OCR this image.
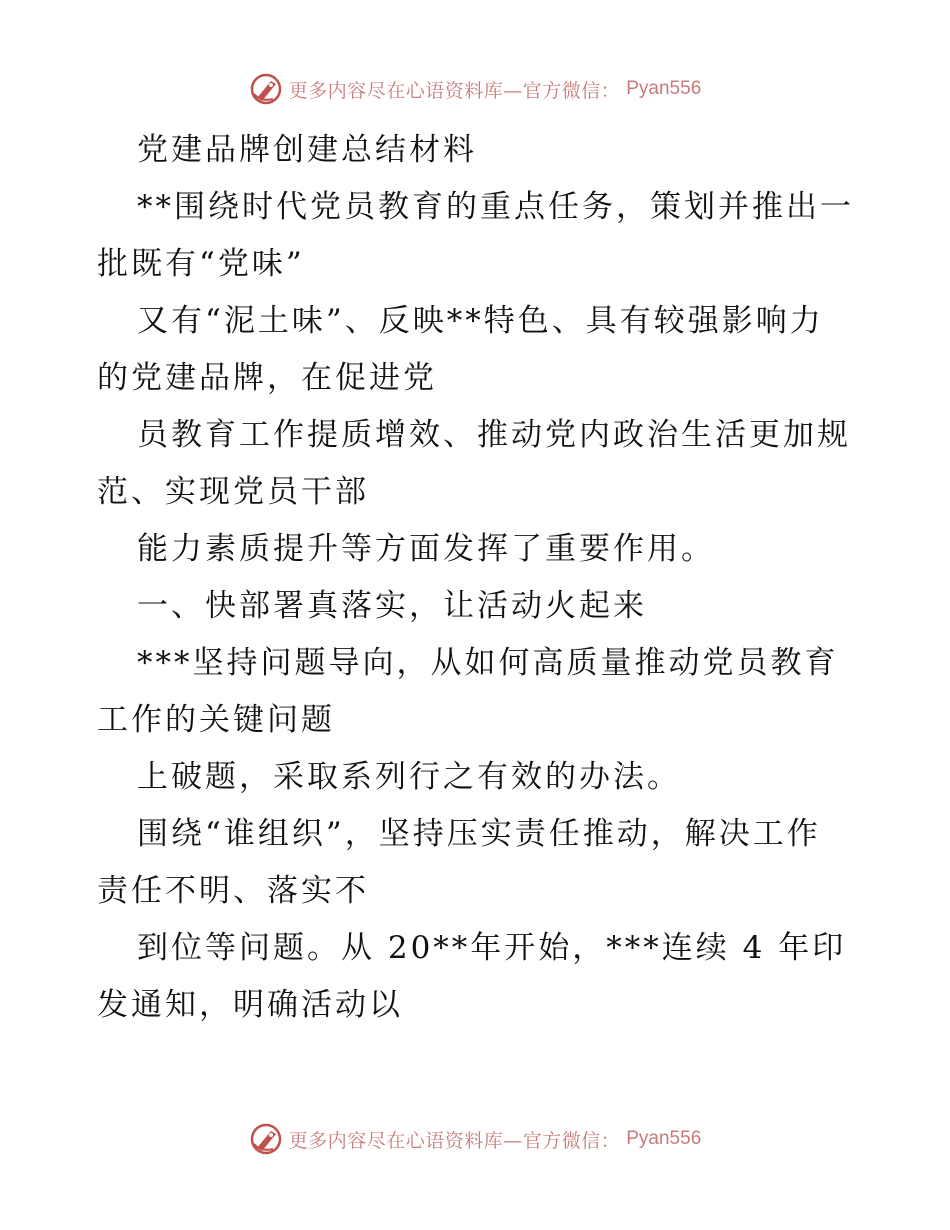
更多内容尽在心语资料库—官方微信： Pyan556
党建品牌创建总结材料
**围绕时代党员教育的重点任务，策划并推出一
批既有“党味”
又有“泥土味”、反映**特色、具有较强影响力
的党建品牌，在促进党
员教育工作提质增效、推动党内政治生活更加规
范、实现党员干部
能力素质提升等方面发挥了重要作用。
一、快部署真落实，让活动火起来
***坚持问题导向，从如何高质量推动党员教育
工作的关键问题
上破题，采取系列行之有效的办法。
围绕“谁组织”，坚持压实责任推动，解决工作
责任不明、落实不
到位等问题。从 20**年开始，***连续 4 年印
发通知，明确活动以
更多内容尽在心语资料库—官方微信： Pyan556
